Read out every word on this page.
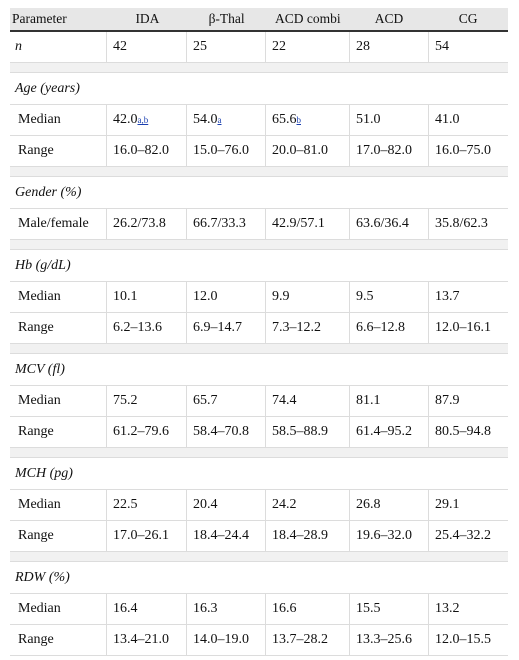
Parameter	IDA	β-Thal	ACD combi	ACD	CG
n	42	25	22	28	54
Age (years)
Median	42.0 a,b	54.0 a	65.6 b	51.0	41.0
Range	16.0–82.0 15.0–76.0 20.0–81.0 17.0–82.0 16.0–75.0
Gender (%)
Male/female 26.2/73.8 66.7/33.3 42.9/57.1 63.6/36.4 35.8/62.3
Hb (g/dL)
Median	10.1	12.0	9.9	9.5	13.7
Range	6.2–13.6 6.9–14.7 7.3–12.2	6.6–12.8 12.0–16.1
MCV (fl)
Median	75.2	65.7	74.4	81.1	87.9
Range	61.2–79.6 58.4–70.8 58.5–88.9 61.4–95.2 80.5–94.8
MCH (pg)
Median	22.5	20.4	24.2	26.8	29.1
Range	17.0–26.1 18.4–24.4 18.4–28.9 19.6–32.0 25.4–32.2
RDW (%)
Median	16.4	16.3	16.6	15.5	13.2
Range	13.4–21.0 14.0–19.0 13.7–28.2 13.3–25.6 12.0–15.5
